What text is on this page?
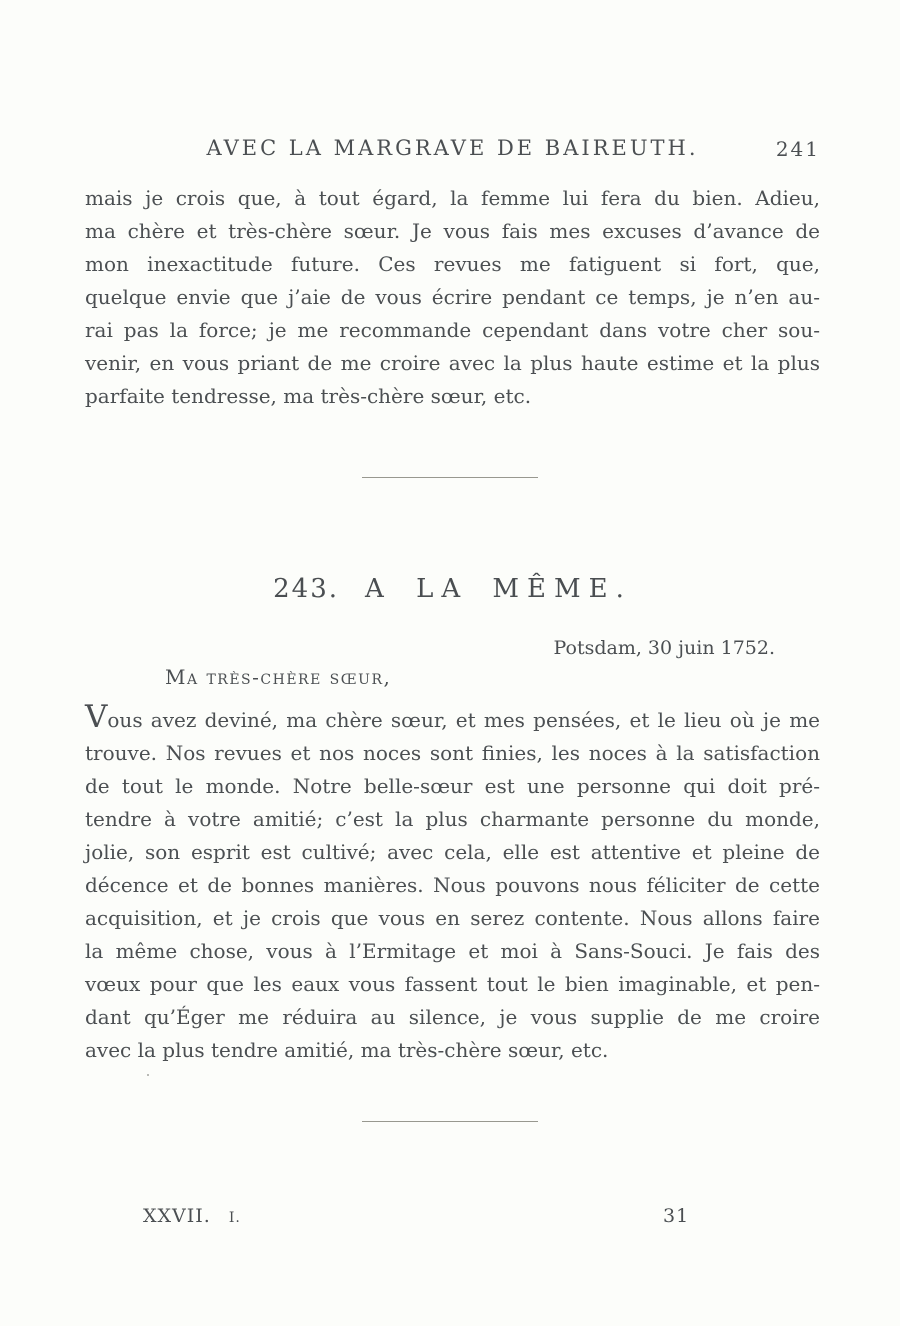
AVEC LA MARGRAVE DE BAIREUTH.	241
mais je crois que, à tout égard, la femme lui fera du bien. Adieu,
ma chère et très-chère sœur. Je vous fais mes excuses d’avance de
mon inexactitude future. Ces revues me fatiguent si fort, que,
quelque envie que j’aie de vous écrire pendant ce temps, je n’en au-
rai pas la force; je me recommande cependant dans votre cher sou-
venir, en vous priant de me croire avec la plus haute estime et la plus
parfaite tendresse, ma très-chère sœur, etc.
243. A LA MÊME.
Potsdam, 30 juin 1752.
Ma très-chère sœur,
Vous avez deviné, ma chère sœur, et mes pensées, et le lieu où je me
trouve. Nos revues et nos noces sont finies, les noces à la satisfaction
de tout le monde. Notre belle-sœur est une personne qui doit pré-
tendre à votre amitié; c’est la plus charmante personne du monde,
jolie, son esprit est cultivé; avec cela, elle est attentive et pleine de
décence et de bonnes manières. Nous pouvons nous féliciter de cette
acquisition, et je crois que vous en serez contente. Nous allons faire
la même chose, vous à l’Ermitage et moi à Sans-Souci. Je fais des
vœux pour que les eaux vous fassent tout le bien imaginable, et pen-
dant qu’Éger me réduira au silence, je vous supplie de me croire
avec la plus tendre amitié, ma très-chère sœur, etc.
XXVII. I.	31
